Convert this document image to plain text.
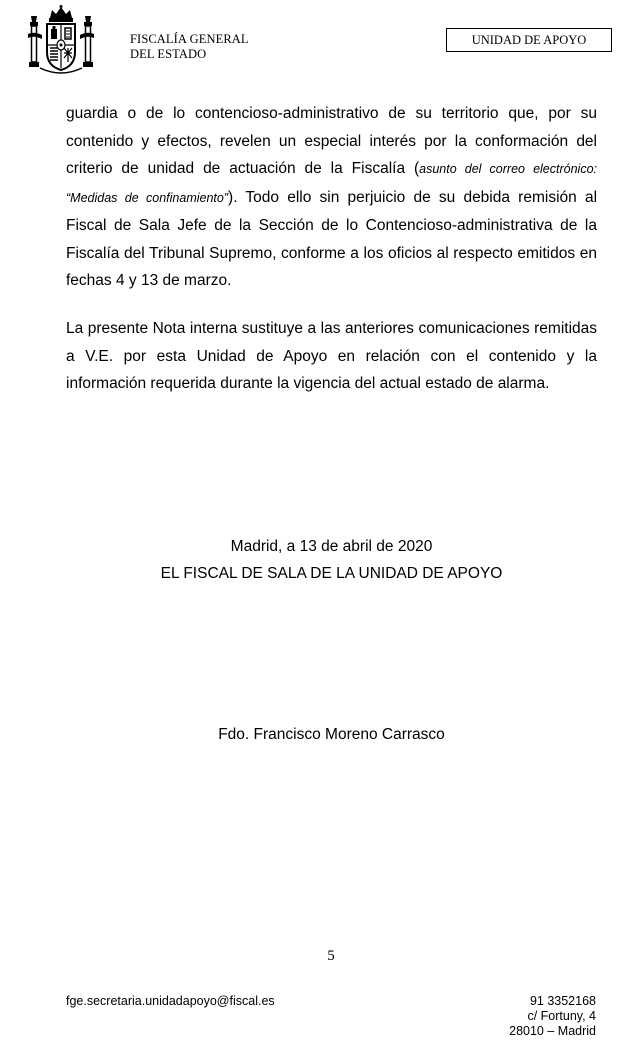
FISCALÍA GENERAL
DEL ESTADO
UNIDAD DE APOYO

guardia o de lo contencioso-administrativo de su territorio que, por su contenido y efectos, revelen un especial interés por la conformación del criterio de unidad de actuación de la Fiscalía (asunto del correo electrónico: “Medidas de confinamiento”). Todo ello sin perjuicio de su debida remisión al Fiscal de Sala Jefe de la Sección de lo Contencioso-administrativa de la Fiscalía del Tribunal Supremo, conforme a los oficios al respecto emitidos en fechas 4 y 13 de marzo.

La presente Nota interna sustituye a las anteriores comunicaciones remitidas a V.E. por esta Unidad de Apoyo en relación con el contenido y la información requerida durante la vigencia del actual estado de alarma.

Madrid, a 13 de abril de 2020
EL FISCAL DE SALA DE LA UNIDAD DE APOYO
Fdo. Francisco Moreno Carrasco
5
fge.secretaria.unidadapoyo@fiscal.es	91 3352168
c/ Fortuny, 4
28010 – Madrid
